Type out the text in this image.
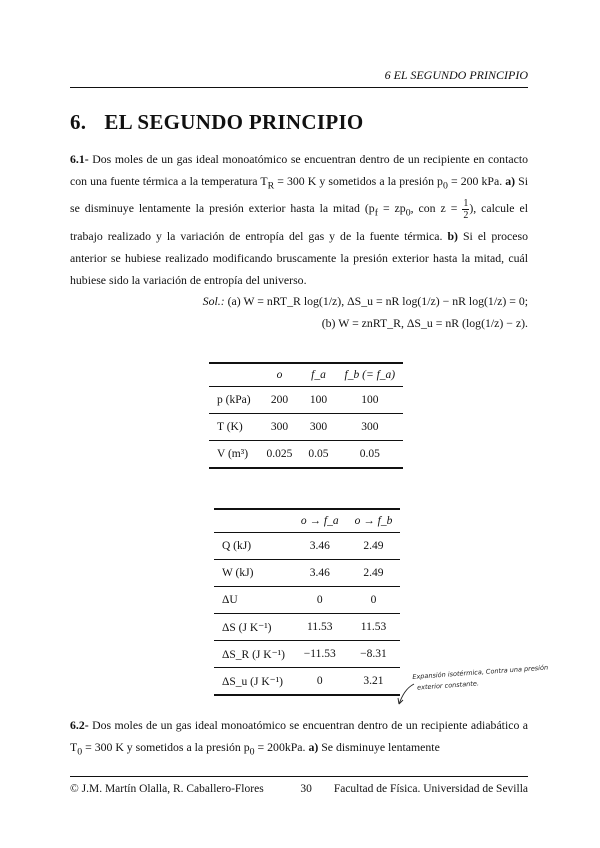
6 EL SEGUNDO PRINCIPIO
6. EL SEGUNDO PRINCIPIO
6.1- Dos moles de un gas ideal monoatómico se encuentran dentro de un recipiente en contacto con una fuente térmica a la temperatura $T_R = 300$ K y sometidos a la presión $p_0 = 200$ kPa. a) Si se disminuye lentamente la presión exterior hasta la mitad ($p_f = zp_0$, con $z = \frac{1}{2}$ ), calcule el trabajo realizado y la variación de entropía del gas y de la fuente térmica. b) Si el proceso anterior se hubiese realizado modificando bruscamente la presión exterior hasta la mitad, cuál hubiese sido la variación de entropía del universo.
Sol.: (a) W = nRT_R log(1/z), ΔS_u = nR log(1/z) − nR log(1/z) = 0;
(b) W = znRT_R, ΔS_u = nR (log(1/z) − z).
	o	f_a	f_b (= f_a)
p (kPa)	200	100	100
T (K)	300	300	300
V (m³)	0.025	0.05	0.05
	o → f_a	o → f_b
Q (kJ)	3.46	2.49
W (kJ)	3.46	2.49
ΔU	0	0
ΔS (J K⁻¹)	11.53	11.53
ΔS_R (J K⁻¹)	−11.53	−8.31
ΔS_u (J K⁻¹)	0	3.21
Expansión isotérmica, Contra una presión
exterior constante.
6.2- Dos moles de un gas ideal monoatómico se encuentran dentro de un recipiente adiabático a $T_0 = 300$ K y sometidos a la presión $p_0 = 200kPa$. a) Se disminuye lentamente
© J.M. Martín Olalla, R. Caballero-Flores	30 Facultad de Física. Universidad de Sevilla
